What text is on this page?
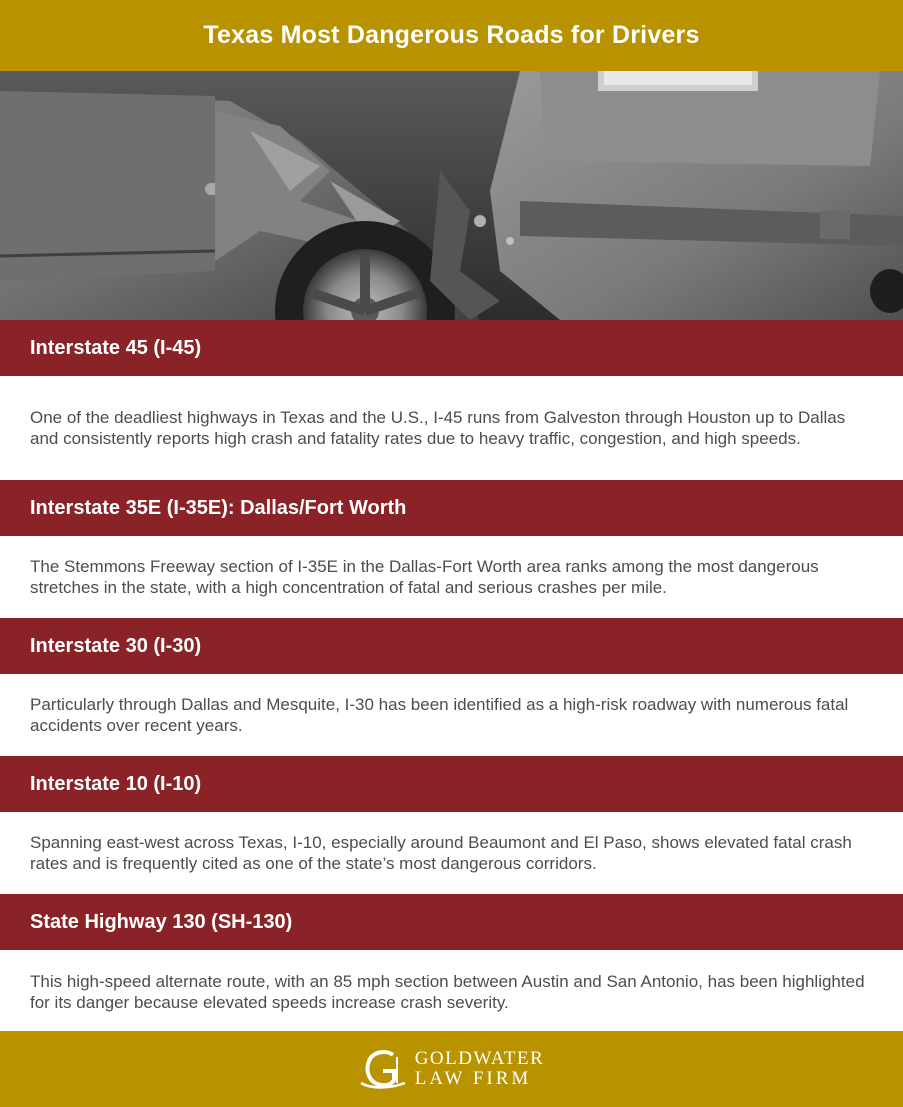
Texas Most Dangerous Roads for Drivers
Interstate 45 (I-45)

One of the deadliest highways in Texas and the U.S., I-45 runs from Galveston through Houston up to Dallas and consistently reports high crash and fatality rates due to heavy traffic, congestion, and high speeds.

Interstate 35E (I-35E): Dallas/Fort Worth

The Stemmons Freeway section of I-35E in the Dallas-Fort Worth area ranks among the most dangerous stretches in the state, with a high concentration of fatal and serious crashes per mile.

Interstate 30 (I-30)

Particularly through Dallas and Mesquite, I-30 has been identified as a high-risk roadway with numerous fatal accidents over recent years.

Interstate 10 (I-10)

Spanning east-west across Texas, I-10, especially around Beaumont and El Paso, shows elevated fatal crash rates and is frequently cited as one of the state’s most dangerous corridors.

State Highway 130 (SH-130)

This high-speed alternate route, with an 85 mph section between Austin and San Antonio, has been highlighted for its danger because elevated speeds increase crash severity.

GOLDWATER
LAW FIRM
